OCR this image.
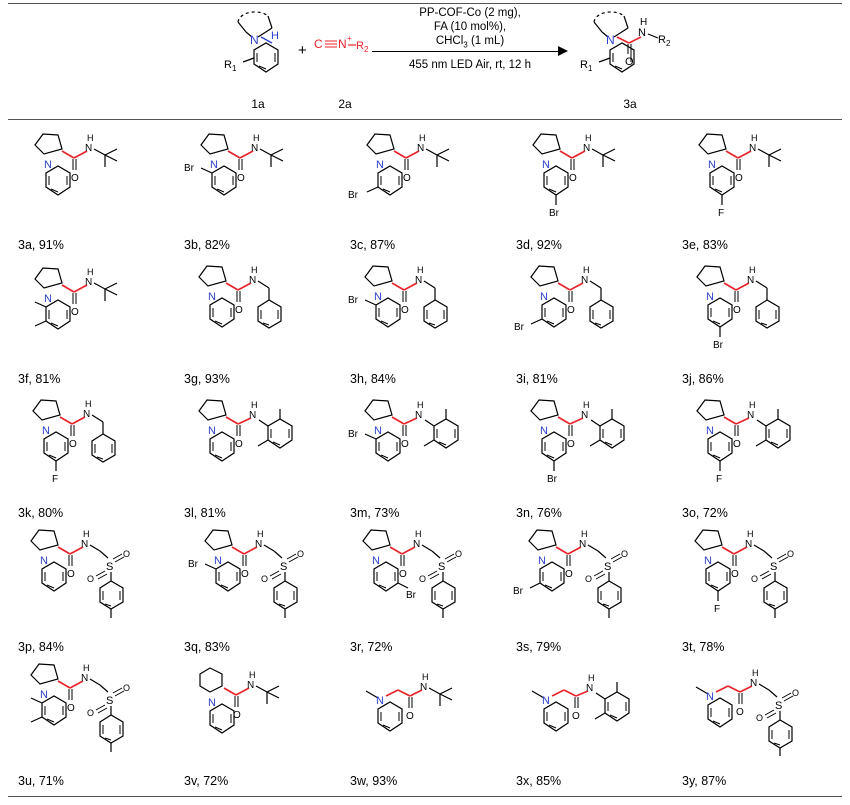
N H
R 1
+ C N +
R 2
PP-COF-Co (2 mg),
FA (10 mol%),
CHCl$_3$ (1 mL)
455 nm LED Air, rt, 12 h
N
O
N
H
R 2
R 1
1a	2a	3a
N
O
N
H
3a, 91%
N
O
N
H
Br
3b, 82%
N
O
N
H
Br
3c, 87%
N
O
N
H
Br
3d, 92%
N
O
N
H
F
3e, 83%
N
O
N
H
3f, 81%
N
O
N
H
3g, 93%
N
O
N
H
Br
3h, 84%
N
O
N
H
Br
3i, 81%
N
O
N
H
Br
3j, 86%
N
O
N
H
F
3k, 80%
N
O
N
H
3l, 81%
N
O
N
H
Br
3m, 73%
N
O
N
H
Br
3n, 76%
N
O
N
H
F
3o, 72%
N
O
N
H
S
O
O
3p, 84%
N
O
N
H
S
O
O
Br
3q, 83%
N
O
N
H
S
O
O
Br
3r, 72%
N
O
N
H
S
O
O
Br
3s, 79%
N
O
N
H
S
O
O
F
3t, 78%
N
O
N
H
S
O
O
3u, 71%
N
O
N
H
3v, 72%
N
O
N
H
3w, 93%
N
O
N
H
3x, 85%
N
O
N
H
S
O
O
3y, 87%
